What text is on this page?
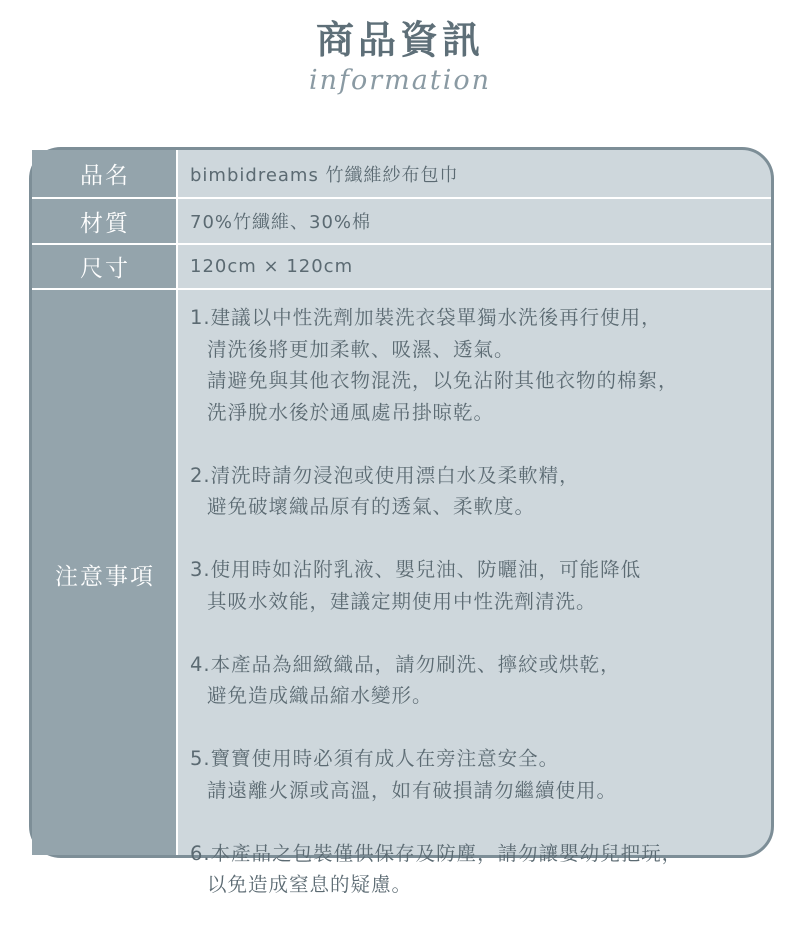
商品資訊
information
品名	bimbidreams 竹纖維紗布包巾
材質	70%竹纖維、30%棉
尺寸	120cm × 120cm
注意事項
1.建議以中性洗劑加裝洗衣袋單獨水洗後再行使用，
清洗後將更加柔軟、吸濕、透氣。
請避免與其他衣物混洗，以免沾附其他衣物的棉絮，
洗淨脫水後於通風處吊掛晾乾。
2.清洗時請勿浸泡或使用漂白水及柔軟精，
避免破壞織品原有的透氣、柔軟度。
3.使用時如沾附乳液、嬰兒油、防曬油，可能降低
其吸水效能，建議定期使用中性洗劑清洗。
4.本產品為細緻織品，請勿刷洗、擰絞或烘乾，
避免造成織品縮水變形。
5.寶寶使用時必須有成人在旁注意安全。
請遠離火源或高溫，如有破損請勿繼續使用。
6.本產品之包裝僅供保存及防塵，請勿讓嬰幼兒把玩，
以免造成窒息的疑慮。
